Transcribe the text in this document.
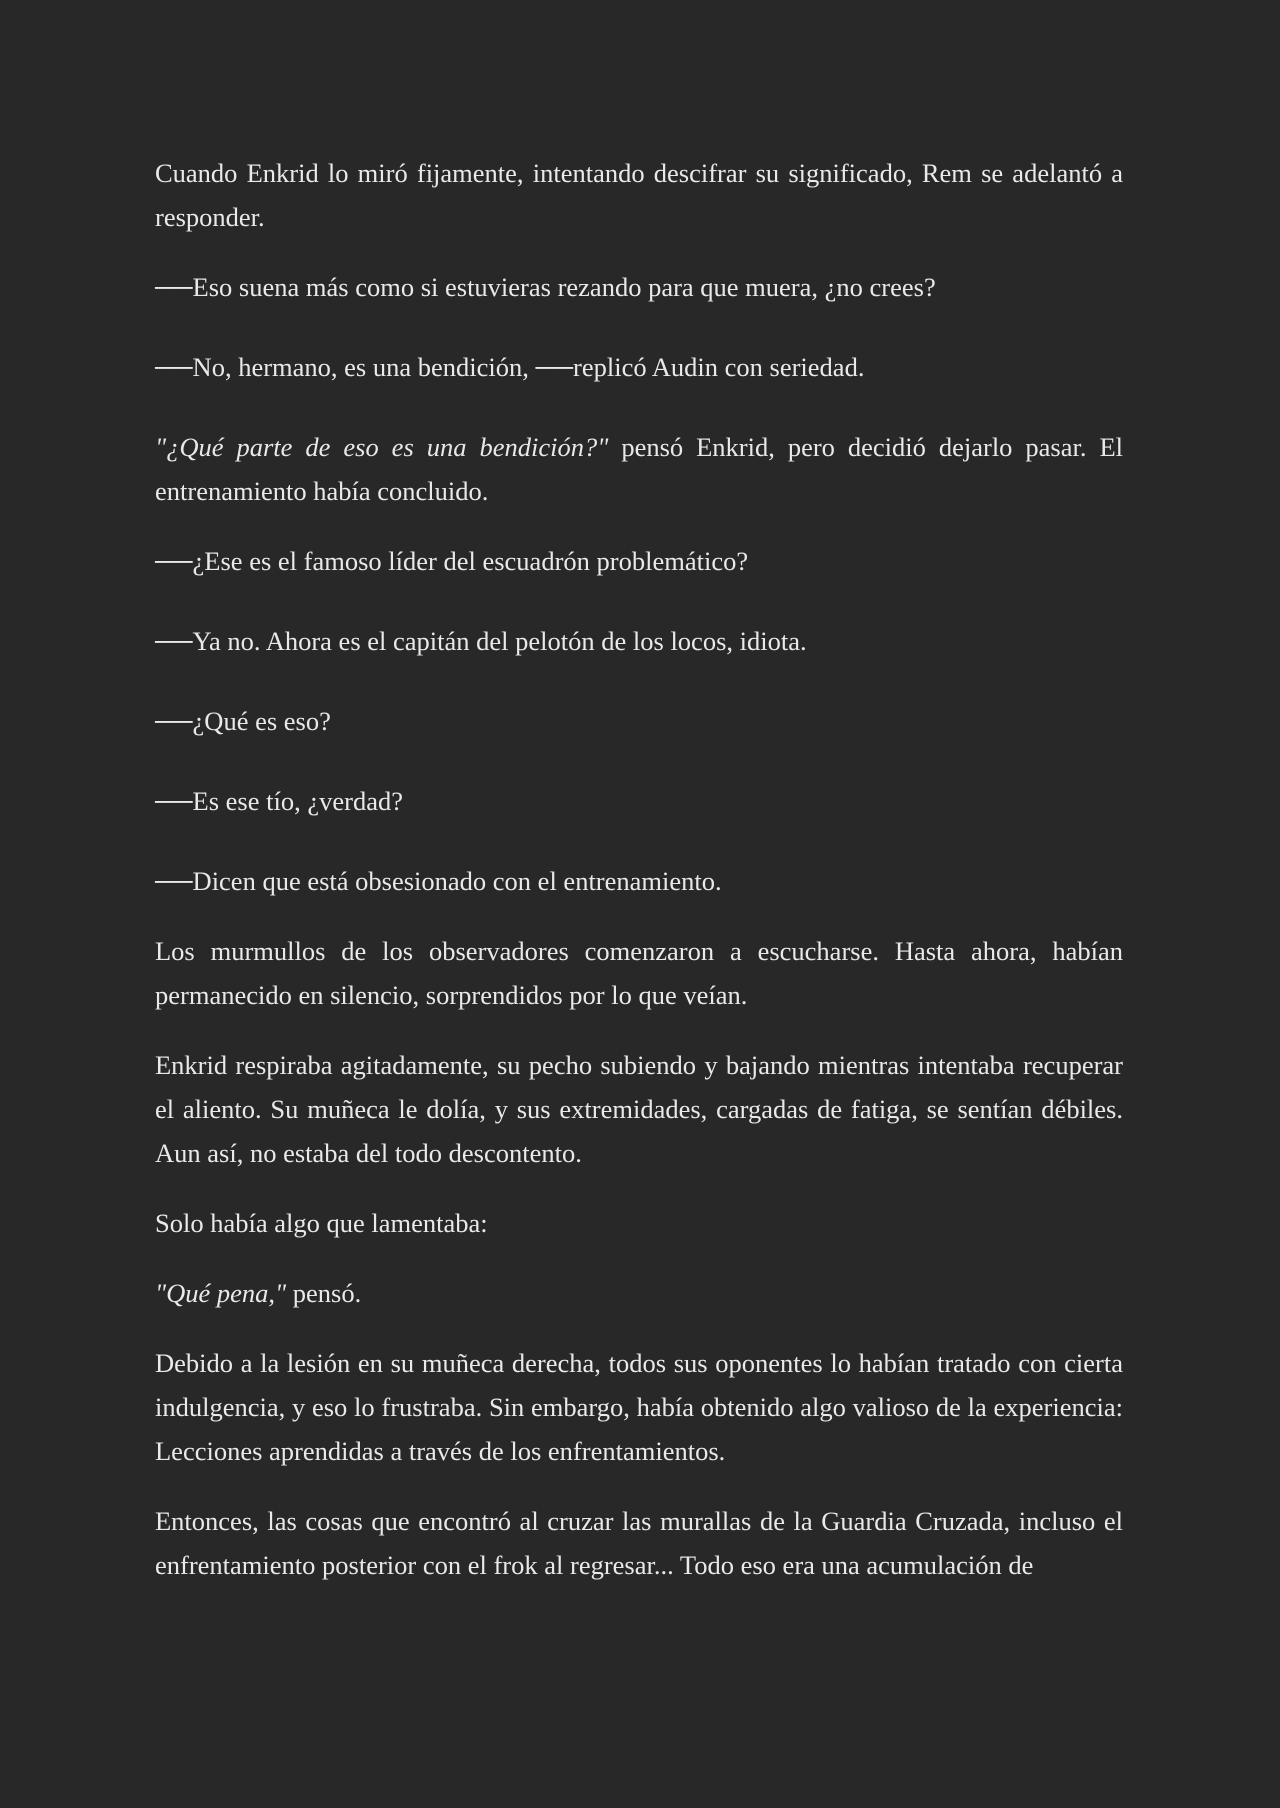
Cuando Enkrid lo miró fijamente, intentando descifrar su significado, Rem se adelantó a responder.

──Eso suena más como si estuvieras rezando para que muera, ¿no crees?

──No, hermano, es una bendición, ──replicó Audin con seriedad.

"¿Qué parte de eso es una bendición?" pensó Enkrid, pero decidió dejarlo pasar. El entrenamiento había concluido.

──¿Ese es el famoso líder del escuadrón problemático?

──Ya no. Ahora es el capitán del pelotón de los locos, idiota.

──¿Qué es eso?

──Es ese tío, ¿verdad?

──Dicen que está obsesionado con el entrenamiento.

Los murmullos de los observadores comenzaron a escucharse. Hasta ahora, habían permanecido en silencio, sorprendidos por lo que veían.

Enkrid respiraba agitadamente, su pecho subiendo y bajando mientras intentaba recuperar el aliento. Su muñeca le dolía, y sus extremidades, cargadas de fatiga, se sentían débiles. Aun así, no estaba del todo descontento.

Solo había algo que lamentaba:

"Qué pena," pensó.

Debido a la lesión en su muñeca derecha, todos sus oponentes lo habían tratado con cierta indulgencia, y eso lo frustraba. Sin embargo, había obtenido algo valioso de la experiencia: Lecciones aprendidas a través de los enfrentamientos.

Entonces, las cosas que encontró al cruzar las murallas de la Guardia Cruzada, incluso el enfrentamiento posterior con el frok al regresar... Todo eso era una acumulación de
